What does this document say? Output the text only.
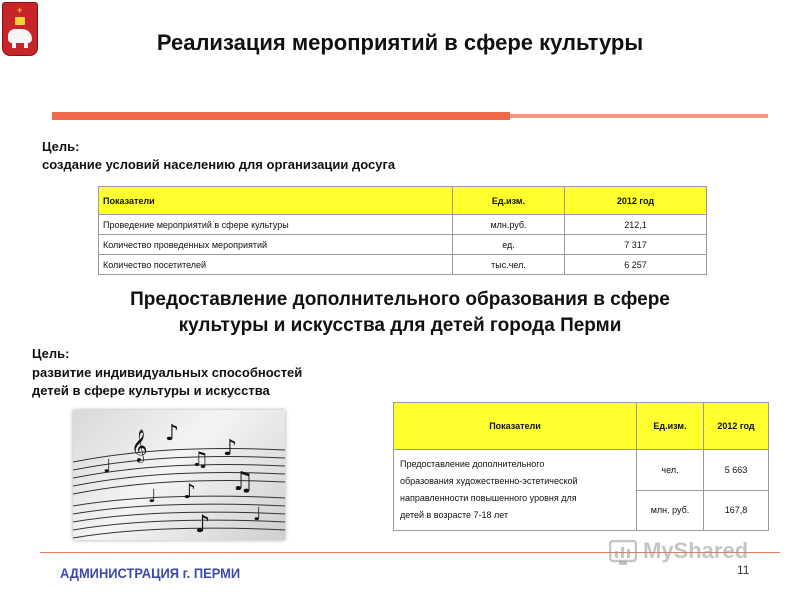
+
Реализация мероприятий в сфере культуры
Цель:
создание условий населению для организации досуга
Показатели	Ед.изм.	2012 год
Проведение мероприятий в сфере культуры	млн.руб.	212,1
Количество проведенных мероприятий	ед.	7 317
Количество посетителей	тыс.чел.	6 257
Предоставление дополнительного образования в сфере
культуры и искусства для детей города Перми
Цель:
развитие индивидуальных способностей
детей в сфере культуры и искусства
𝄞 ♪
♫ ♪
♩
♫
♪
♩
♪ ♩
Показатели	Ед.изм.	2012 год

Предоставление дополнительного
образования художественно-эстетической
направленности повышенного уровня для
детей в возрасте 7-18 лет	чел.	5 663
	млн. руб.	167,8
АДМИНИСТРАЦИЯ г. ПЕРМИ
MyShared
11
